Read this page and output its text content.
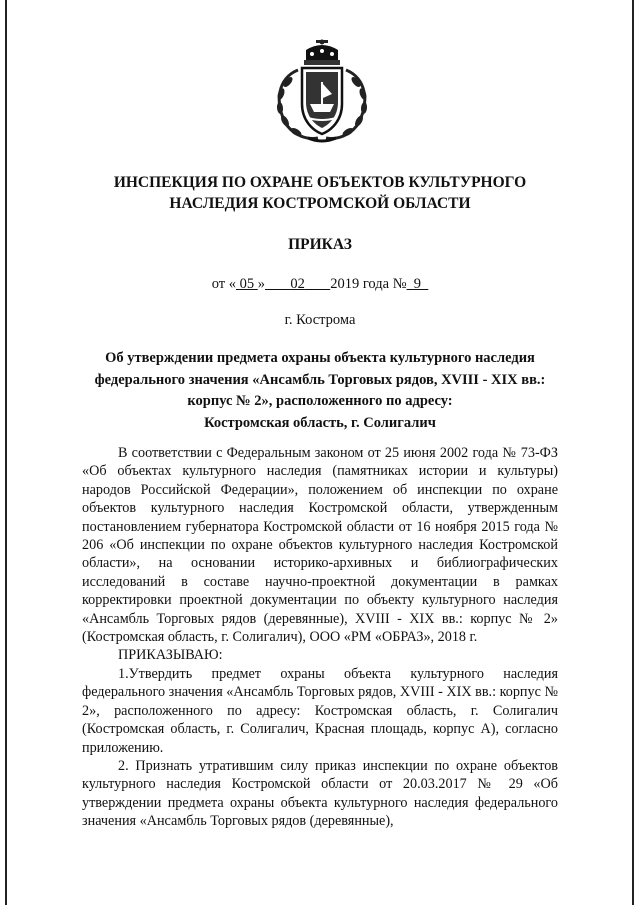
ИНСПЕКЦИЯ ПО ОХРАНЕ ОБЪЕКТОВ КУЛЬТУРНОГО
НАСЛЕДИЯ КОСТРОМСКОЙ ОБЛАСТИ
ПРИКАЗ
от « 05 » 02 2019 года № 9
г. Кострома
Об утверждении предмета охраны объекта культурного наследия
федерального значения «Ансамбль Торговых рядов, XVIII - XIX вв.:
корпус № 2», расположенного по адресу:
Костромская область, г. Солигалич

В соответствии с Федеральным законом от 25 июня 2002 года № 73-ФЗ «Об объектах культурного наследия (памятниках истории и культуры) народов Российской Федерации», положением об инспекции по охране объектов культурного наследия Костромской области, утвержденным постановлением губернатора Костромской области от 16 ноября 2015 года № 206 «Об инспекции по охране объектов культурного наследия Костромской области», на основании историко-архивных и библиографических исследований в составе научно-проектной документации в рамках корректировки проектной документации по объекту культурного наследия «Ансамбль Торговых рядов (деревянные), XVIII - XIX вв.: корпус № 2» (Костромская область, г. Солигалич), ООО «РМ «ОБРАЗ», 2018 г.

ПРИКАЗЫВАЮ:

1.Утвердить предмет охраны объекта культурного наследия федерального значения «Ансамбль Торговых рядов, XVIII - XIX вв.: корпус № 2», расположенного по адресу: Костромская область, г. Солигалич (Костромская область, г. Солигалич, Красная площадь, корпус А), согласно приложению.

2. Признать утратившим силу приказ инспекции по охране объектов культурного наследия Костромской области от 20.03.2017 № 29 «Об утверждении предмета охраны объекта культурного наследия федерального значения «Ансамбль Торговых рядов (деревянные),
